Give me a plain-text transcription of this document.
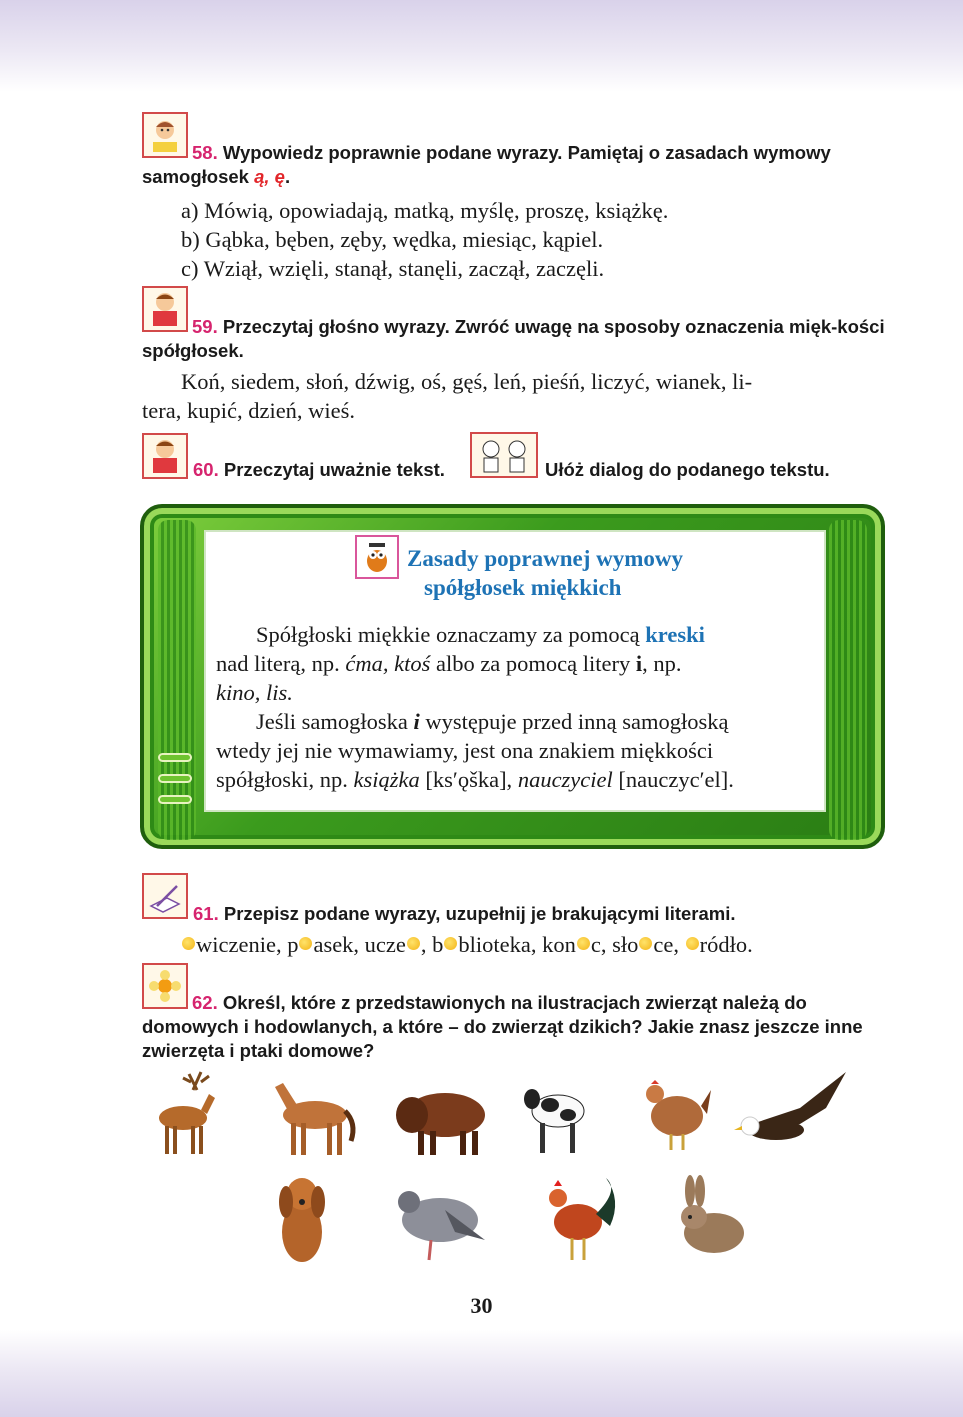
58. Wypowiedz poprawnie podane wyrazy. Pamiętaj o zasadach wymowy samogłosek ą, ę.
a) Mówią, opowiadają, matką, myślę, proszę, książkę.
b) Gąbka, bęben, zęby, wędka, miesiąc, kąpiel.
c) Wziął, wzięli, stanął, stanęli, zaczął, zaczęli.
59. Przeczytaj głośno wyrazy. Zwróć uwagę na sposoby oznaczenia mięk-kości spółgłosek.
Koń, siedem, słoń, dźwig, oś, gęś, leń, pieśń, liczyć, wianek, li-
tera, kupić, dzień, wieś.
60. Przeczytaj uważnie tekst.	Ułóż dialog do podanego tekstu.
Zasady poprawnej wymowy
spółgłosek miękkich
Spółgłoski miękkie oznaczamy za pomocą kreski
nad literą, np. ćma, ktoś albo za pomocą litery i, np.
kino, lis.
Jeśli samogłoska i występuje przed inną samogłoską
wtedy jej nie wymawiamy, jest ona znakiem miękkości
spółgłoski, np. książka [ks′ǫška], nauczyciel [nauczyc′el].
61. Przepisz podane wyrazy, uzupełnij je brakującymi literami.
wiczenie, p asek, ucze , b blioteka, kon c, sło ce, ródło.
62. Określ, które z przedstawionych na ilustracjach zwierząt należą do domowych i hodowlanych, a które – do zwierząt dzikich? Jakie znasz jeszcze inne zwierzęta i ptaki domowe?
30
